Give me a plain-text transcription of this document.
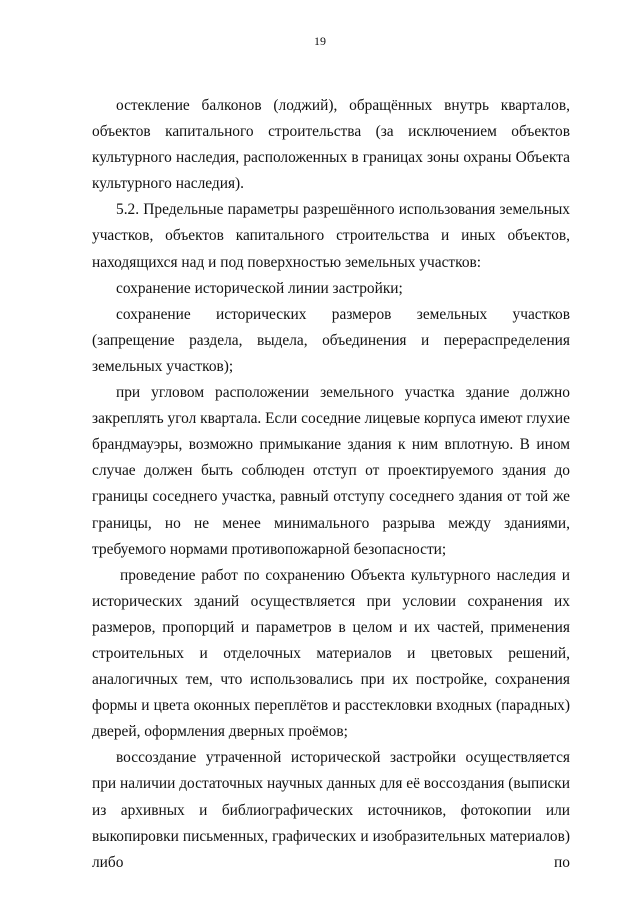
19

остекление балконов (лоджий), обращённых внутрь кварталов, объектов капитального строительства (за исключением объектов культурного наследия, расположенных в границах зоны охраны Объекта культурного наследия).

5.2. Предельные параметры разрешённого использования земельных участков, объектов капитального строительства и иных объектов, находящихся над и под поверхностью земельных участков:

сохранение исторической линии застройки;

сохранение исторических размеров земельных участков (запрещение раздела, выдела, объединения и перераспределения земельных участков);

при угловом расположении земельного участка здание должно закреплять угол квартала. Если соседние лицевые корпуса имеют глухие брандмауэры, возможно примыкание здания к ним вплотную. В ином случае должен быть соблюден отступ от проектируемого здания до границы соседнего участка, равный отступу соседнего здания от той же границы, но не менее минимального разрыва между зданиями, требуемого нормами противопожарной безопасности;

проведение работ по сохранению Объекта культурного наследия и исторических зданий осуществляется при условии сохранения их размеров, пропорций и параметров в целом и их частей, применения строительных и отделочных материалов и цветовых решений, аналогичных тем, что использовались при их постройке, сохранения формы и цвета оконных переплётов и расстекловки входных (парадных) дверей, оформления дверных проёмов;

воссоздание утраченной исторической застройки осуществляется при наличии достаточных научных данных для её воссоздания (выписки из архивных и библиографических источников, фотокопии или выкопировки письменных, графических и изобразительных материалов) либо по
